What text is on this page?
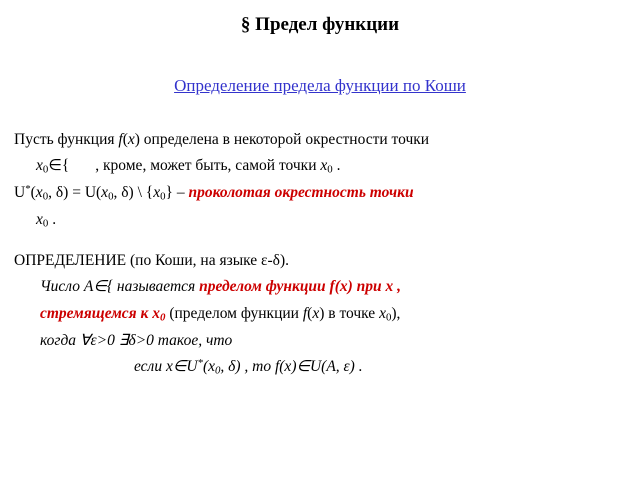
§ Предел функции
Определение предела функции по Коши
Пусть функция f(x) определена в некоторой окрестности точки
$x_0\in${ , кроме, может быть, самой точки $x_0$ .
$U^*(x_0$, $\delta) = U(x_0$, δ) \ $\{x_0\}$ – проколотая окрестность точки
$x_0$ .
ОПРЕДЕЛЕНИЕ (по Коши, на языке ε-δ).
Число A∈{ называется пределом функции f(x) при x ,
стремящемся к $x_0$ (пределом функции f(x) в точке $x_0$),
когда ∀ε>0 ∃δ>0 такое, что
если $x\in U^*(x_0$, δ) , то f(x)∈U(A, ε) .
